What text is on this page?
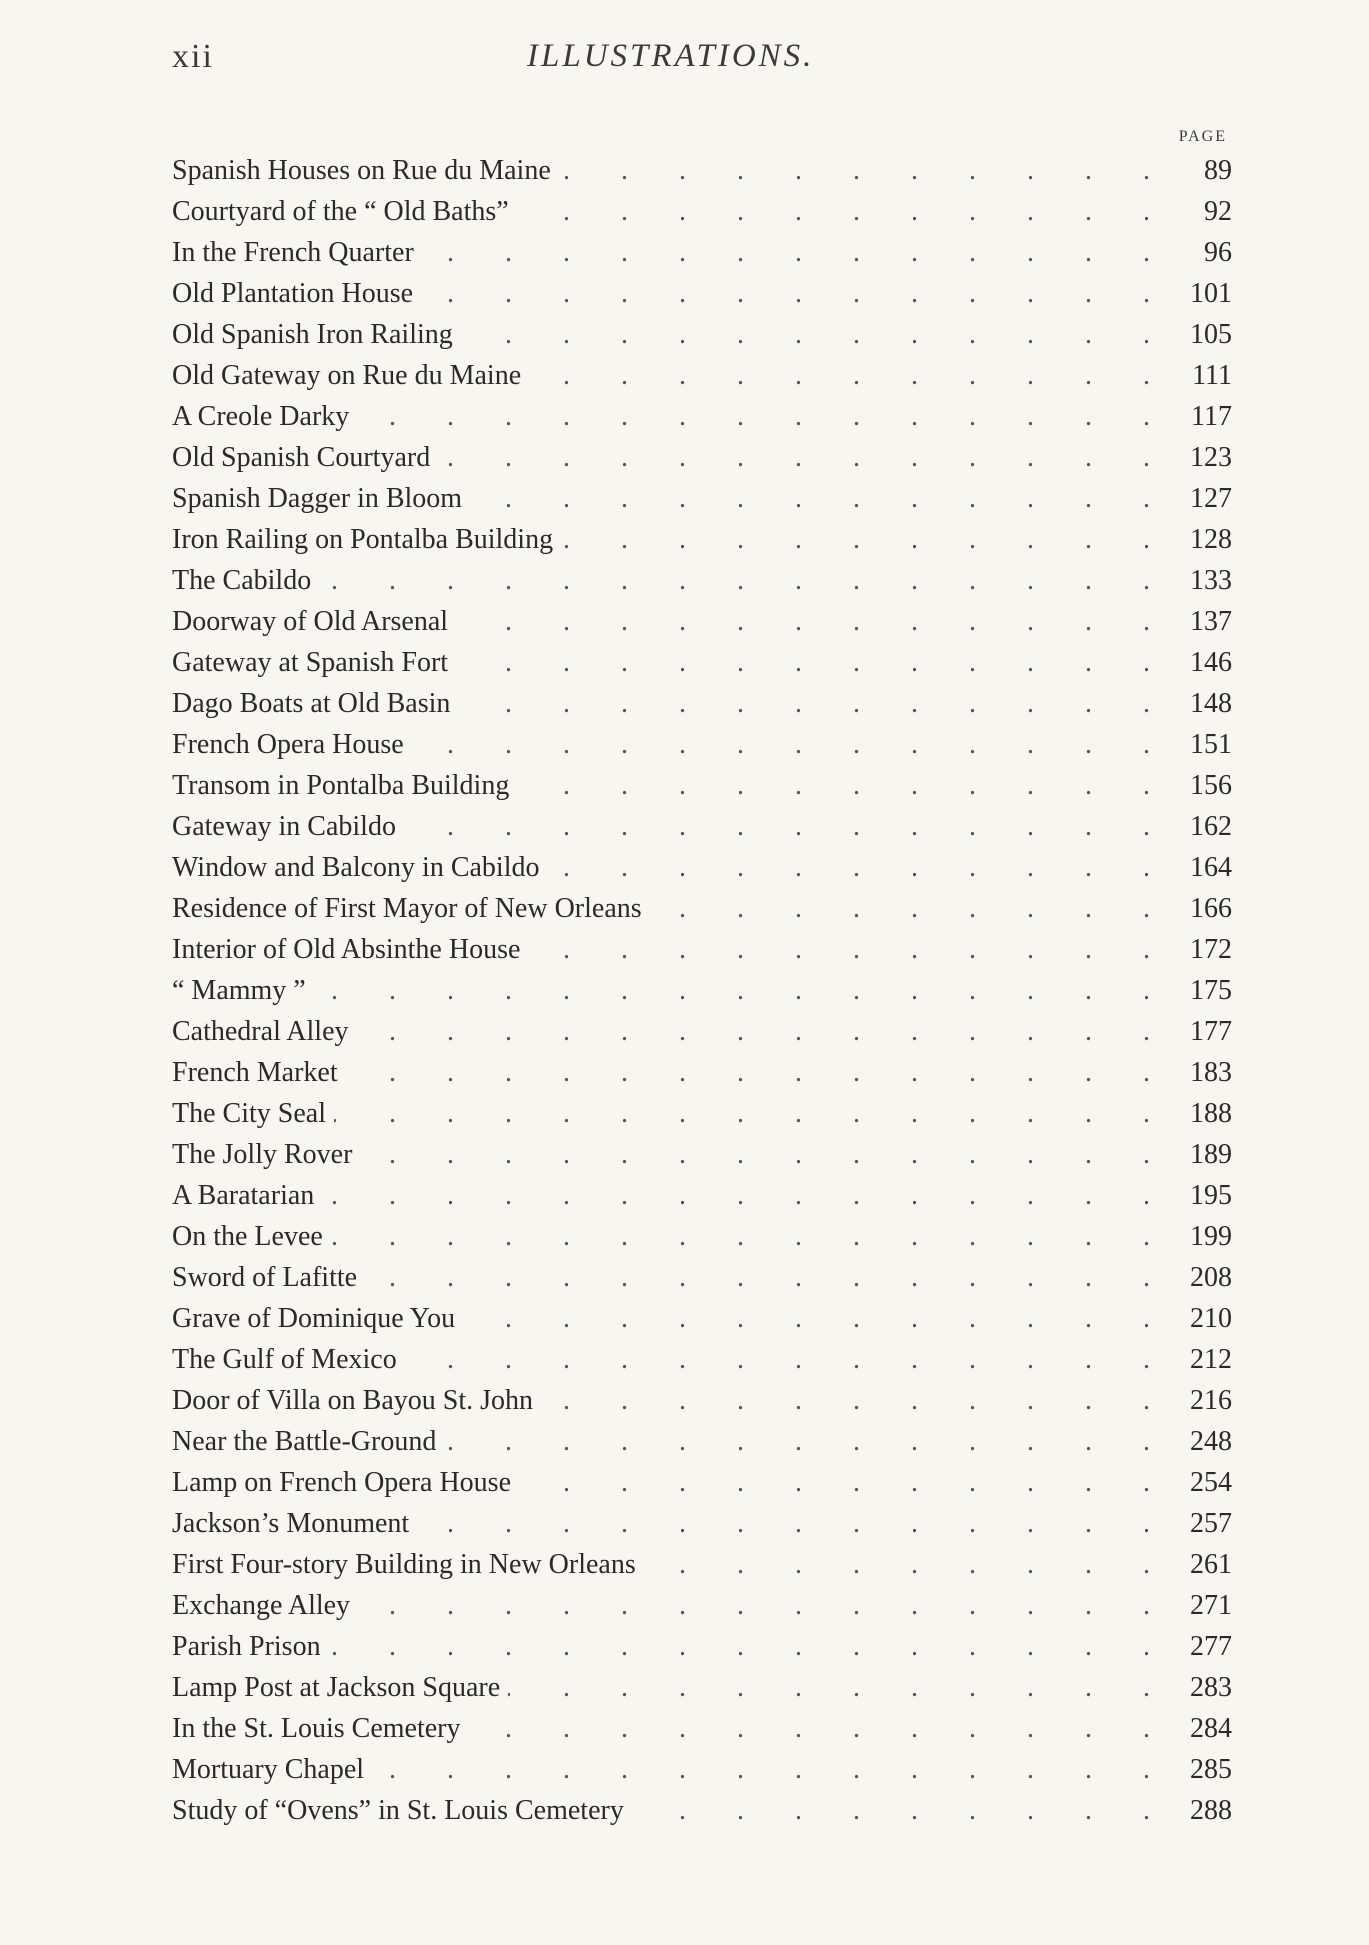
xii	ILLUSTRATIONS.
PAGE
Spanish Houses on Rue du Maine . . .	89
Courtyard of the “ Old Baths” . . .	92
In the French Quarter . . .	96
Old Plantation House . . .	101
Old Spanish Iron Railing . . .	105
Old Gateway on Rue du Maine . . .	111
A Creole Darky . . .	117
Old Spanish Courtyard . . .	123
Spanish Dagger in Bloom . . .	127
Iron Railing on Pontalba Building . . .	128
The Cabildo . . .	133
Doorway of Old Arsenal . . .	137
Gateway at Spanish Fort . . .	146
Dago Boats at Old Basin . . .	148
French Opera House . . .	151
Transom in Pontalba Building . . .	156
Gateway in Cabildo . . .	162
Window and Balcony in Cabildo . . .	164
Residence of First Mayor of New Orleans . . .	166
Interior of Old Absinthe House . . .	172
“ Mammy ” . . .	175
Cathedral Alley . . .	177
French Market . . .	183
The City Seal . . .	188
The Jolly Rover . . .	189
A Baratarian . . .	195
On the Levee . . .	199
Sword of Lafitte . . .	208
Grave of Dominique You . . .	210
The Gulf of Mexico . . .	212
Door of Villa on Bayou St. John . . .	216
Near the Battle-Ground . . .	248
Lamp on French Opera House . . .	254
Jackson’s Monument . . .	257
First Four-story Building in New Orleans . . .	261
Exchange Alley . . .	271
Parish Prison . . .	277
Lamp Post at Jackson Square . . .	283
In the St. Louis Cemetery . . .	284
Mortuary Chapel . . .	285
Study of “Ovens” in St. Louis Cemetery . . .	288
